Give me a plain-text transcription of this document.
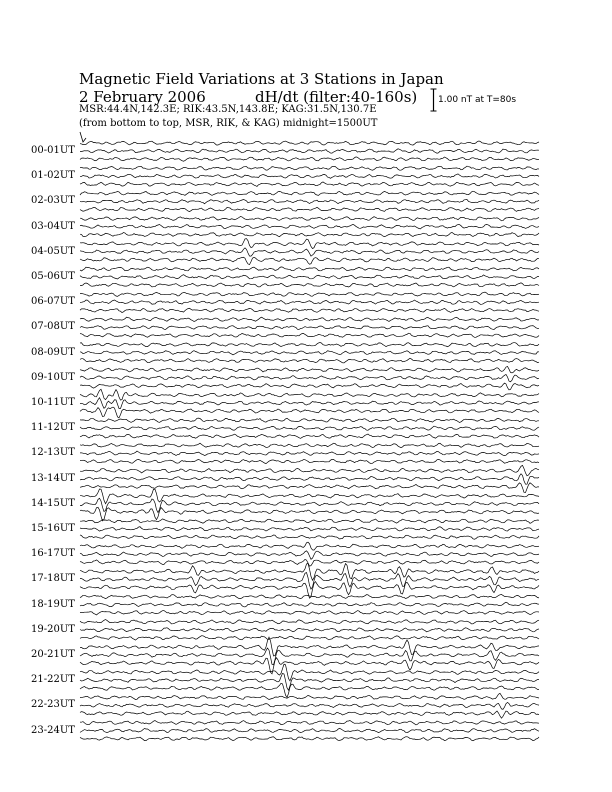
Magnetic Field Variations at 3 Stations in Japan
2 February 2006	dH/dt (filter:40-160s)
MSR:44.4N,142.3E; RIK:43.5N,143.8E; KAG:31.5N,130.7E
(from bottom to top, MSR, RIK, & KAG) midnight=1500UT
1.00 nT at T=80s
00-01UT
01-02UT
02-03UT
03-04UT
04-05UT
05-06UT
06-07UT
07-08UT
08-09UT
09-10UT
10-11UT
11-12UT
12-13UT
13-14UT
14-15UT
15-16UT
16-17UT
17-18UT
18-19UT
19-20UT
20-21UT
21-22UT
22-23UT
23-24UT
